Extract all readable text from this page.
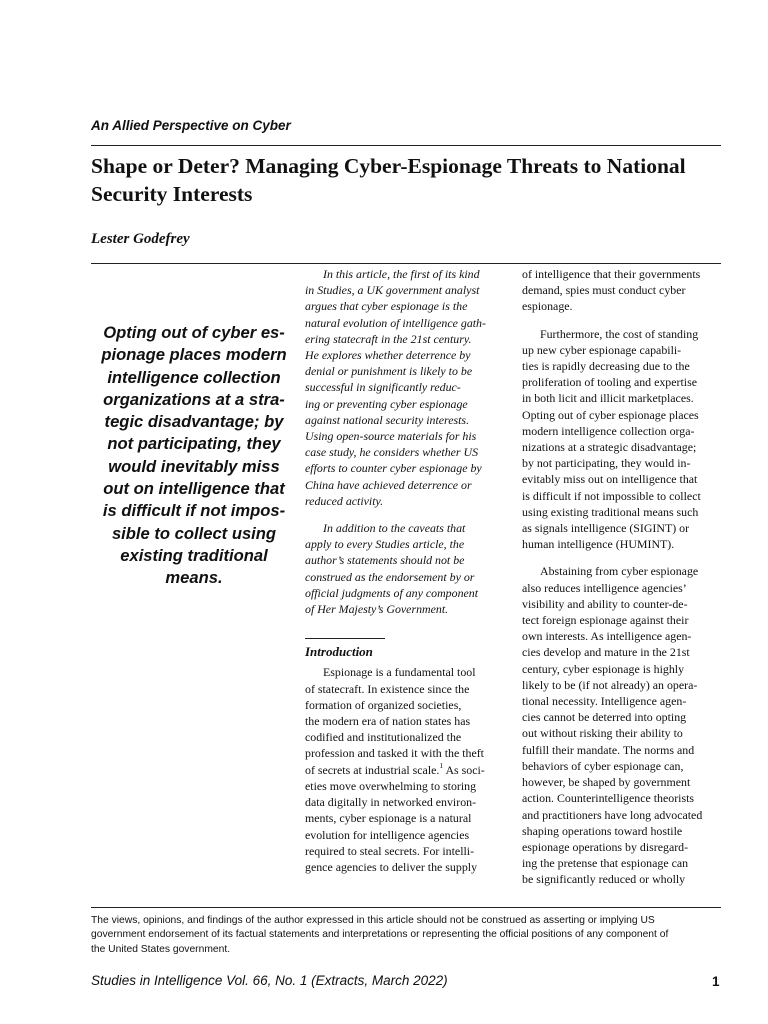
An Allied Perspective on Cyber
Shape or Deter? Managing Cyber-Espionage Threats to National
Security Interests
Lester Godefrey
Opting out of cyber es-
pionage places modern
intelligence collection
organizations at a stra-
tegic disadvantage; by
not participating, they
would inevitably miss
out on intelligence that
is difficult if not impos-
sible to collect using
existing traditional
means.
In this article, the first of its kind
in Studies, a UK government analyst
argues that cyber espionage is the
natural evolution of intelligence gath-
ering statecraft in the 21st century.
He explores whether deterrence by
denial or punishment is likely to be
successful in significantly reduc-
ing or preventing cyber espionage
against national security interests.
Using open-source materials for his
case study, he considers whether US
efforts to counter cyber espionage by
China have achieved deterrence or
reduced activity.
In addition to the caveats that
apply to every Studies article, the
author’s statements should not be
construed as the endorsement by or
official judgments of any component
of Her Majesty’s Government.
Introduction
Espionage is a fundamental tool
of statecraft. In existence since the
formation of organized societies,
the modern era of nation states has
codified and institutionalized the
profession and tasked it with the theft
of secrets at industrial scale.$^1$ As soci-
eties move overwhelming to storing
data digitally in networked environ-
ments, cyber espionage is a natural
evolution for intelligence agencies
required to steal secrets. For intelli-
gence agencies to deliver the supply
of intelligence that their governments
demand, spies must conduct cyber
espionage.
Furthermore, the cost of standing
up new cyber espionage capabili-
ties is rapidly decreasing due to the
proliferation of tooling and expertise
in both licit and illicit marketplaces.
Opting out of cyber espionage places
modern intelligence collection orga-
nizations at a strategic disadvantage;
by not participating, they would in-
evitably miss out on intelligence that
is difficult if not impossible to collect
using existing traditional means such
as signals intelligence (SIGINT) or
human intelligence (HUMINT).
Abstaining from cyber espionage
also reduces intelligence agencies’
visibility and ability to counter-de-
tect foreign espionage against their
own interests. As intelligence agen-
cies develop and mature in the 21st
century, cyber espionage is highly
likely to be (if not already) an opera-
tional necessity. Intelligence agen-
cies cannot be deterred into opting
out without risking their ability to
fulfill their mandate. The norms and
behaviors of cyber espionage can,
however, be shaped by government
action. Counterintelligence theorists
and practitioners have long advocated
shaping operations toward hostile
espionage operations by disregard-
ing the pretense that espionage can
be significantly reduced or wholly
The views, opinions, and findings of the author expressed in this article should not be construed as asserting or implying US
government endorsement of its factual statements and interpretations or representing the official positions of any component of
the United States government.
Studies in Intelligence Vol. 66, No. 1 (Extracts, March 2022)	1
